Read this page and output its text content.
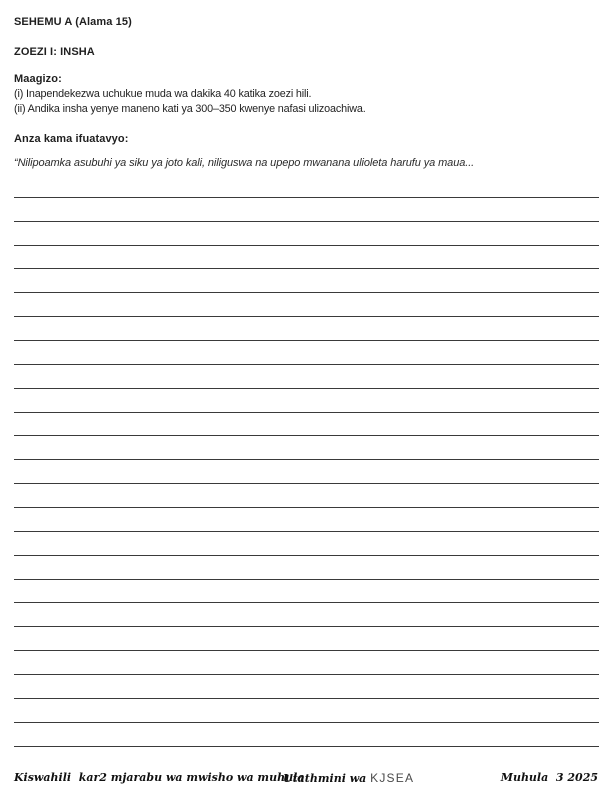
SEHEMU A (Alama 15)
ZOEZI I: INSHA
Maagizo:
(i) Inapendekezwa uchukue muda wa dakika 40 katika zoezi hili.
(ii) Andika insha yenye maneno kati ya 300–350 kwenye nafasi ulizoachiwa.
Anza kama ifuatavyo:
“Nilipoamka asubuhi ya siku ya joto kali, niliguswa na upepo mwanana ulioleta harufu ya maua...
Kiswahili  kar2 mjarabu wa mwisho wa muhula
Utathmini wa KJSEA	Muhula  3 2025
